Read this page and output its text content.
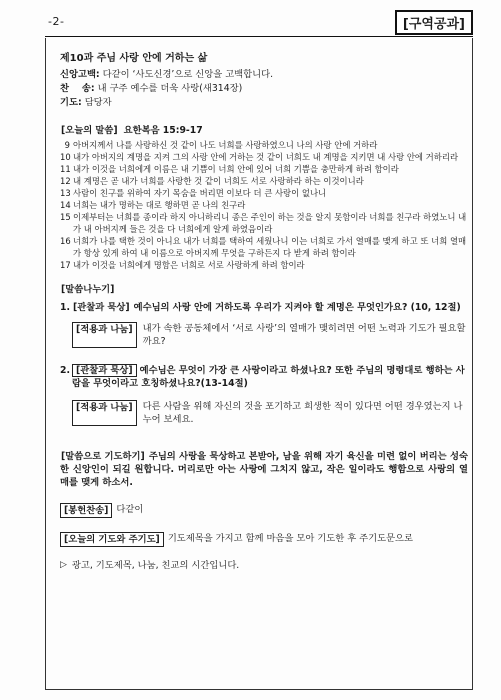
-2-	[구역공과]
제10과 주님 사랑 안에 거하는 삶
신앙고백: 다같이 ‘사도신경’으로 신앙을 고백합니다.
찬    송: 내 구주 예수를 더욱 사랑(새314장)
기도: 담당자
[오늘의 말씀] 요한복음 15:9-17
9 아버지께서 나를 사랑하신 것 같이 나도 너희를 사랑하였으니 나의 사랑 안에 거하라
10 내가 아버지의 계명을 지켜 그의 사랑 안에 거하는 것 같이 너희도 내 계명을 지키면 내 사랑 안에 거하리라
11 내가 이것을 너희에게 이름은 내 기쁨이 너희 안에 있어 너희 기쁨을 충만하게 하려 함이라
12 내 계명은 곧 내가 너희를 사랑한 것 같이 너희도 서로 사랑하라 하는 이것이니라
13 사람이 친구를 위하여 자기 목숨을 버리면 이보다 더 큰 사랑이 없나니
14 너희는 내가 명하는 대로 행하면 곧 나의 친구라
15 이제부터는 너희를 종이라 하지 아니하리니 종은 주인이 하는 것을 알지 못함이라 너희를 친구라 하였노니 내가 내 아버지께 들은 것을 다 너희에게 알게 하였음이라
16 너희가 나를 택한 것이 아니요 내가 너희를 택하여 세웠나니 이는 너희로 가서 열매를 맺게 하고 또 너희 열매가 항상 있게 하여 내 이름으로 아버지께 무엇을 구하든지 다 받게 하려 함이라
17 내가 이것을 너희에게 명함은 너희로 서로 사랑하게 하려 함이라
[말씀나누기]
1. [관찰과 묵상] 예수님의 사랑 안에 거하도록 우리가 지켜야 할 계명은 무엇인가요? (10, 12절)
[적용과 나눔]	내가 속한 공동체에서 ‘서로 사랑’의 열매가 맺히려면 어떤 노력과 기도가 필요할까요?
2. [관찰과 묵상] 예수님은 무엇이 가장 큰 사랑이라고 하셨나요? 또한 주님의 명령대로 행하는 사람을 무엇이라고 호칭하셨나요?(13-14절)
[적용과 나눔]	다른 사람을 위해 자신의 것을 포기하고 희생한 적이 있다면 어떤 경우였는지 나누어 보세요.
[말씀으로 기도하기] 주님의 사랑을 묵상하고 본받아, 남을 위해 자기 육신을 미련 없이 버리는 성숙한 신앙인이 되길 원합니다. 머리로만 아는 사랑에 그치지 않고, 작은 일이라도 행함으로 사랑의 열매를 맺게 하소서.
[봉헌찬송] 다같이
[오늘의 기도와 주기도] 기도제목을 가지고 함께 마음을 모아 기도한 후 주기도문으로
▷ 광고, 기도제목, 나눔, 친교의 시간입니다.
